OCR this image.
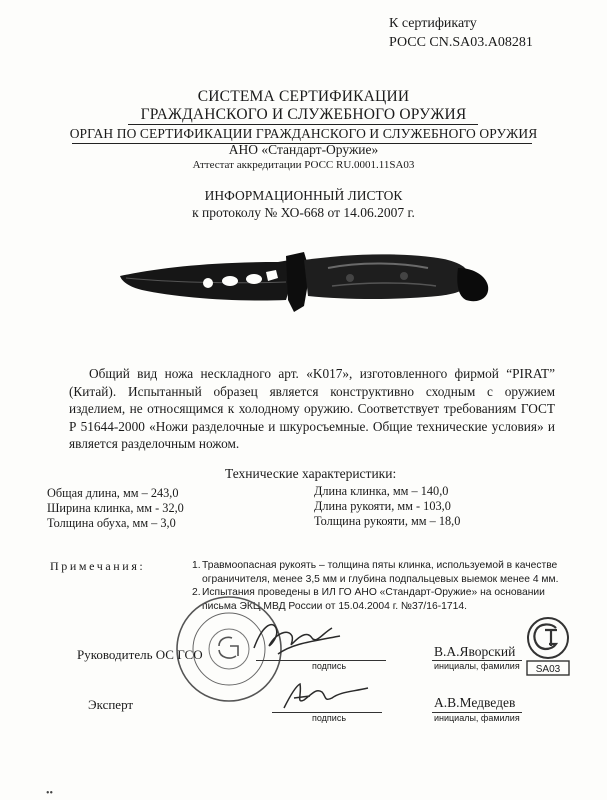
К сертификату
РОСС CN.SA03.A08281
СИСТЕМА СЕРТИФИКАЦИИ
ГРАЖДАНСКОГО И СЛУЖЕБНОГО ОРУЖИЯ
ОРГАН ПО СЕРТИФИКАЦИИ ГРАЖДАНСКОГО И СЛУЖЕБНОГО ОРУЖИЯ
АНО «Стандарт-Оружие»
Аттестат аккредитации РОСС RU.0001.11SA03
ИНФОРМАЦИОННЫЙ ЛИСТОК
к протоколу № ХО-668 от 14.06.2007 г.
Общий вид ножа нескладного арт. «K017», изготовленного фирмой “PIRAT” (Китай). Испытанный образец является конструктивно сходным с оружием изделием, не относящимся к холодному оружию. Соответствует требованиям ГОСТ Р 51644-2000 «Ножи разделочные и шкуросъемные. Общие технические условия» и является разделочным ножом.
Технические характеристики:
Общая длина, мм – 243,0
Ширина клинка, мм - 32,0
Толщина обуха, мм – 3,0
Длина клинка, мм – 140,0
Длина рукояти, мм - 103,0
Толщина рукояти, мм – 18,0
Примечания:	1. Травмоопасная рукоять – толщина пяты клинка, используемой в качестве ограничителя, менее 3,5 мм и глубина подпальцевых выемок менее 4 мм.
2. Испытания проведены в ИЛ ГО АНО «Стандарт-Оружие» на основании письма ЭКЦ МВД России от 15.04.2004 г. №37/16-1714.
Руководитель ОС ГСО
подпись
В.А.Яворский
инициалы, фамилия SA03
Эксперт
подпись
А.В.Медведев
инициалы, фамилия
••
